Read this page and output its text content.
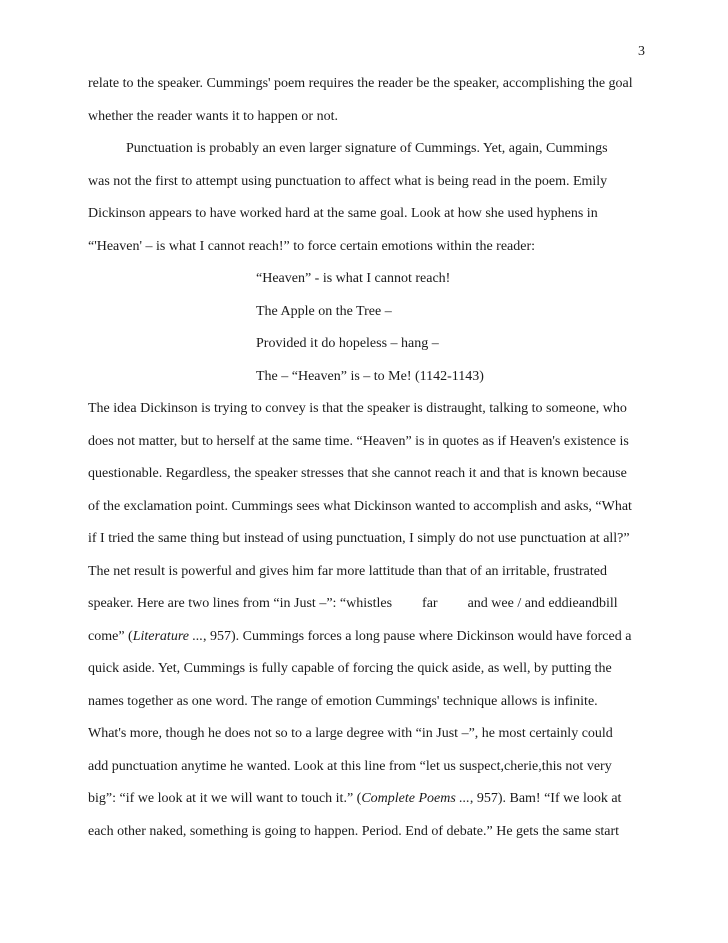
3
relate to the speaker. Cummings' poem requires the reader be the speaker, accomplishing the goal
whether the reader wants it to happen or not.
Punctuation is probably an even larger signature of Cummings. Yet, again, Cummings
was not the first to attempt using punctuation to affect what is being read in the poem. Emily
Dickinson appears to have worked hard at the same goal. Look at how she used hyphens in
“'Heaven' – is what I cannot reach!” to force certain emotions within the reader:
“Heaven” - is what I cannot reach!
The Apple on the Tree –
Provided it do hopeless – hang –
The – “Heaven” is – to Me! (1142-1143)
The idea Dickinson is trying to convey is that the speaker is distraught, talking to someone, who
does not matter, but to herself at the same time. “Heaven” is in quotes as if Heaven's existence is
questionable. Regardless, the speaker stresses that she cannot reach it and that is known because
of the exclamation point. Cummings sees what Dickinson wanted to accomplish and asks, “What
if I tried the same thing but instead of using punctuation, I simply do not use punctuation at all?”
The net result is powerful and gives him far more lattitude than that of an irritable, frustrated
speaker. Here are two lines from “in Just –”: “whistles far and wee / and eddieandbill
come” (Literature ..., 957). Cummings forces a long pause where Dickinson would have forced a
quick aside. Yet, Cummings is fully capable of forcing the quick aside, as well, by putting the
names together as one word. The range of emotion Cummings' technique allows is infinite.
What's more, though he does not so to a large degree with “in Just –”, he most certainly could
add punctuation anytime he wanted. Look at this line from “let us suspect,cherie,this not very
big”: “if we look at it we will want to touch it.” (Complete Poems ..., 957). Bam! “If we look at
each other naked, something is going to happen. Period. End of debate.” He gets the same start
